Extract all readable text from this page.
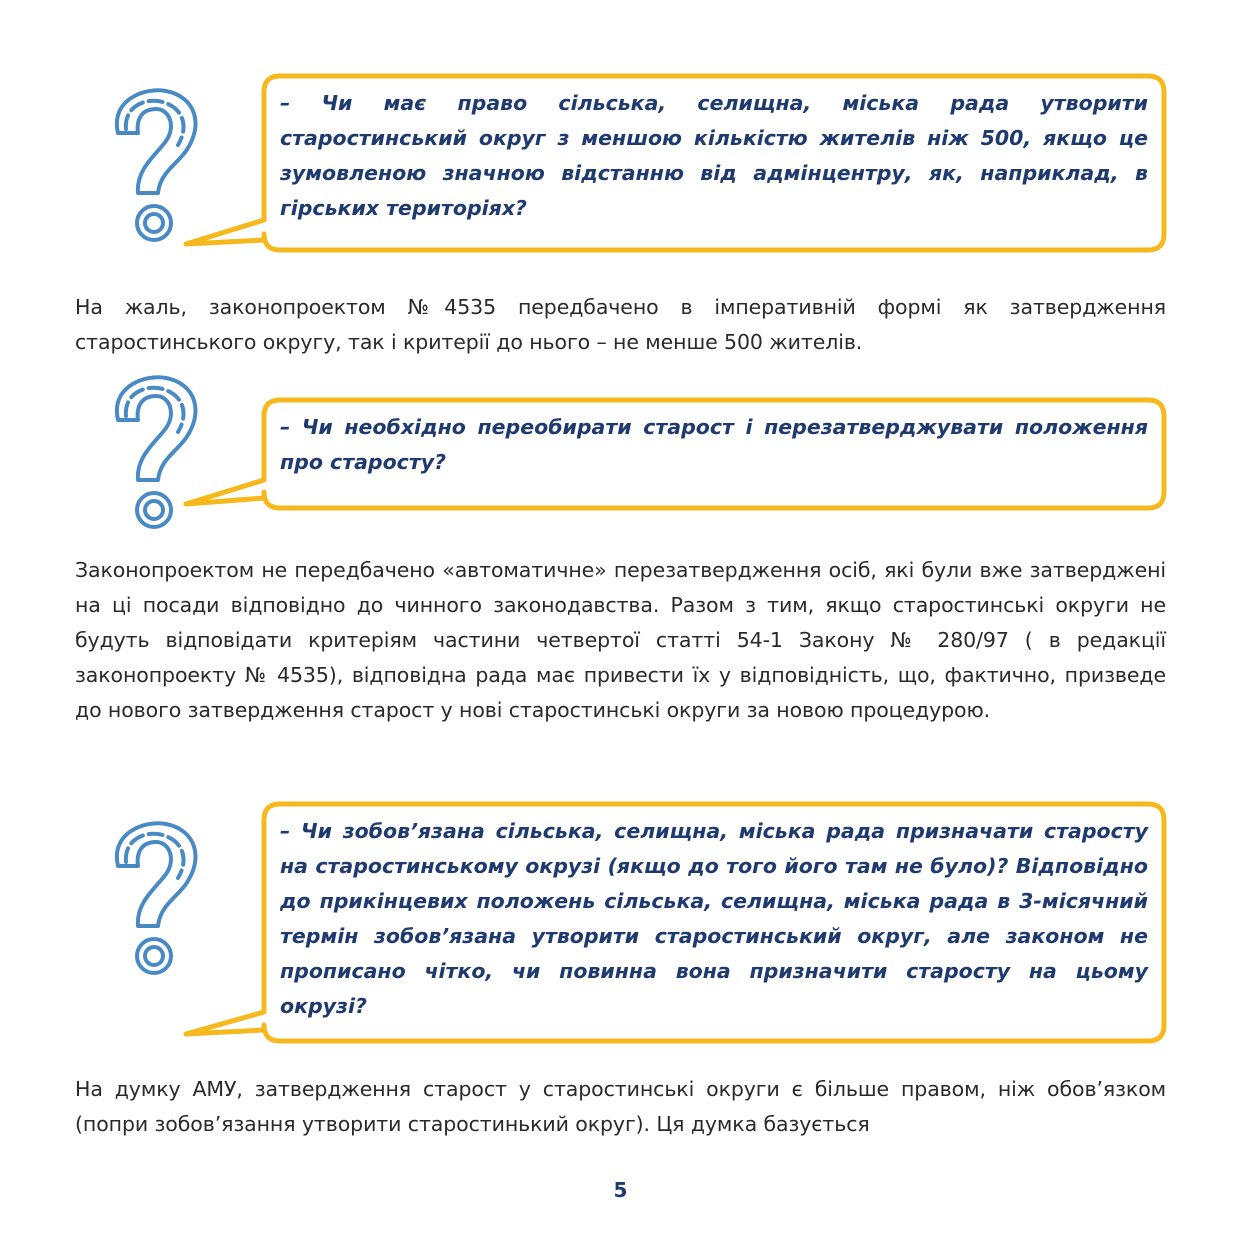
– Чи має право сільська, селищна, міська рада утворити старостинський округ з меншою кількістю жителів ніж 500, якщо це зумовленою значною відстанню від адмінцентру, як, наприклад, в гірських територіях?

На жаль, законопроектом №4535 передбачено в імперативній формі як затвердження старостинського округу, так і критерії до нього – не менше 500 жителів.

– Чи необхідно переобирати старост і перезатверджувати положення про старосту?

Законопроектом не передбачено «автоматичне» перезатвердження осіб, які були вже затверджені на ці посади відповідно до чинного законодавства. Разом з тим, якщо старостинські округи не будуть відповідати критеріям частини четвертої статті 54-1 Закону № 280/97 ( в редакції законопроекту № 4535), відповідна рада має привести їх у відповідність, що, фактично, призведе до нового затвердження старост у нові старостинські округи за новою процедурою.

– Чи зобов’язана сільська, селищна, міська рада призначати старосту на старостинському окрузі (якщо до того його там не було)? Відповідно до прикінцевих положень сільська, селищна, міська рада в 3-місячний термін зобов’язана утворити старостинський округ, але законом не прописано чітко, чи повинна вона призначити старосту на цьому окрузі?

На думку АМУ, затвердження старост у старостинські округи є більше правом, ніж обов’язком (попри зобов’язання утворити старостинький округ). Ця думка базується

5
